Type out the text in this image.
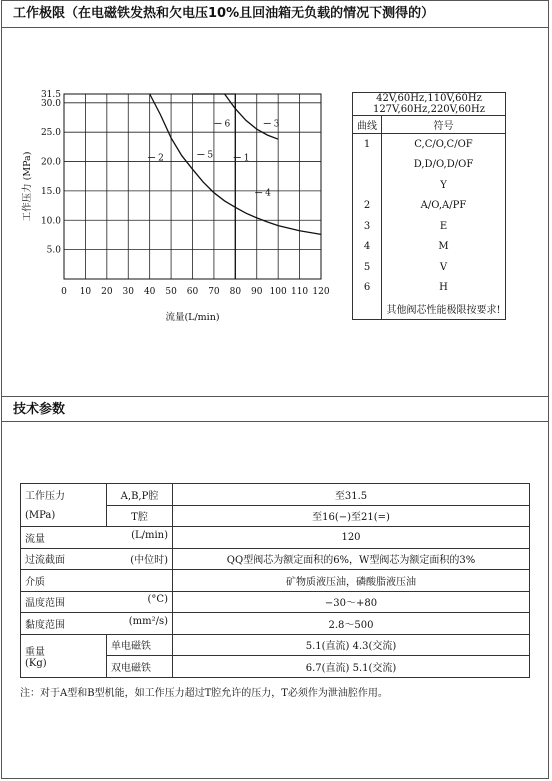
工作极限（在电磁铁发热和欠电压10%且回油箱无负载的情况下测得的）
0 10 20 30 40 50 60 70 80 90 100 110 120
5.0
10.0
15.0
20.0
25.0
30.0
31.5
1
2
3
4
5
6
流量(L/min)
工作压力 (MPa)
42V,60Hz,110V,60Hz
127V,60Hz,220V,60Hz	

曲线	符号
1	C,C/O,C/OF
	D,D/O,D/OF
	Y
2	A/O,A/PF
3	E
4	M
5	V
6	H
	其他阀芯性能极限按要求!
技术参数
工作压力	A,B,P腔	至31.5
(MPa)	T腔	至16(−)至21(=)
流量 (L/min)		120
过流截面 (中位时)		QQ型阀芯为额定面积的6%，W型阀芯为额定面积的3%
介质		矿物质液压油，磷酸脂液压油
温度范围 (°C)		−30～+80
黏度范围 (mm²/s)		2.8～500

重量
(Kg)	单电磁铁	5.1(直流) 4.3(交流)
	双电磁铁	6.7(直流) 5.1(交流)
注：对于A型和B型机能，如工作压力超过T腔允许的压力，T必须作为泄油腔作用。
